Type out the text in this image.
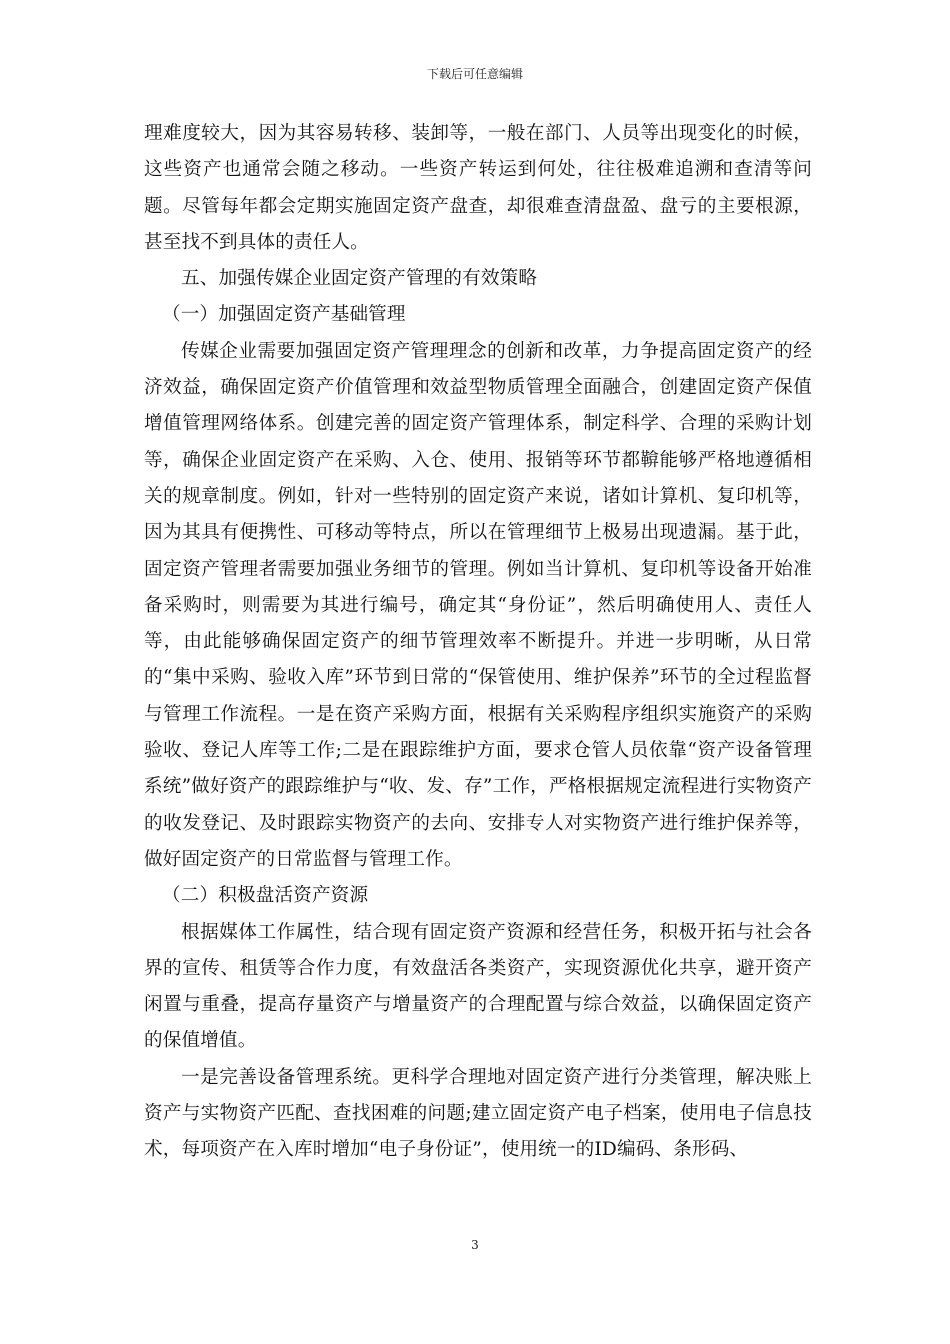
下载后可任意编辑

理难度较大，因为其容易转移、装卸等，一般在部门、人员等出现变化的时候，这些资产也通常会随之移动。一些资产转运到何处，往往极难追溯和查清等问题。尽管每年都会定期实施固定资产盘查，却很难查清盘盈、盘亏的主要根源，甚至找不到具体的责任人。

五、加强传媒企业固定资产管理的有效策略

（一）加强固定资产基础管理

传媒企业需要加强固定资产管理理念的创新和改革，力争提高固定资产的经济效益，确保固定资产价值管理和效益型物质管理全面融合，创建固定资产保值增值管理网络体系。创建完善的固定资产管理体系，制定科学、合理的采购计划等，确保企业固定资产在采购、入仓、使用、报销等环节都鞥能够严格地遵循相关的规章制度。例如，针对一些特别的固定资产来说，诸如计算机、复印机等，因为其具有便携性、可移动等特点，所以在管理细节上极易出现遗漏。基于此，固定资产管理者需要加强业务细节的管理。例如当计算机、复印机等设备开始准备采购时，则需要为其进行编号，确定其“身份证”，然后明确使用人、责任人等，由此能够确保固定资产的细节管理效率不断提升。并进一步明晰，从日常的“集中采购、验收入库”环节到日常的“保管使用、维护保养”环节的全过程监督与管理工作流程。一是在资产采购方面，根据有关采购程序组织实施资产的采购验收、登记人库等工作;二是在跟踪维护方面，要求仓管人员依靠“资产设备管理系统”做好资产的跟踪维护与“收、发、存”工作，严格根据规定流程进行实物资产的收发登记、及时跟踪实物资产的去向、安排专人对实物资产进行维护保养等，做好固定资产的日常监督与管理工作。

（二）积极盘活资产资源

根据媒体工作属性，结合现有固定资产资源和经营任务，积极开拓与社会各界的宣传、租赁等合作力度，有效盘活各类资产，实现资源优化共享，避开资产闲置与重叠，提高存量资产与增量资产的合理配置与综合效益，以确保固定资产的保值增值。

一是完善设备管理系统。更科学合理地对固定资产进行分类管理，解决账上资产与实物资产匹配、查找困难的问题;建立固定资产电子档案，使用电子信息技术，每项资产在入库时增加“电子身份证”，使用统一的ID编码、条形码、

3
